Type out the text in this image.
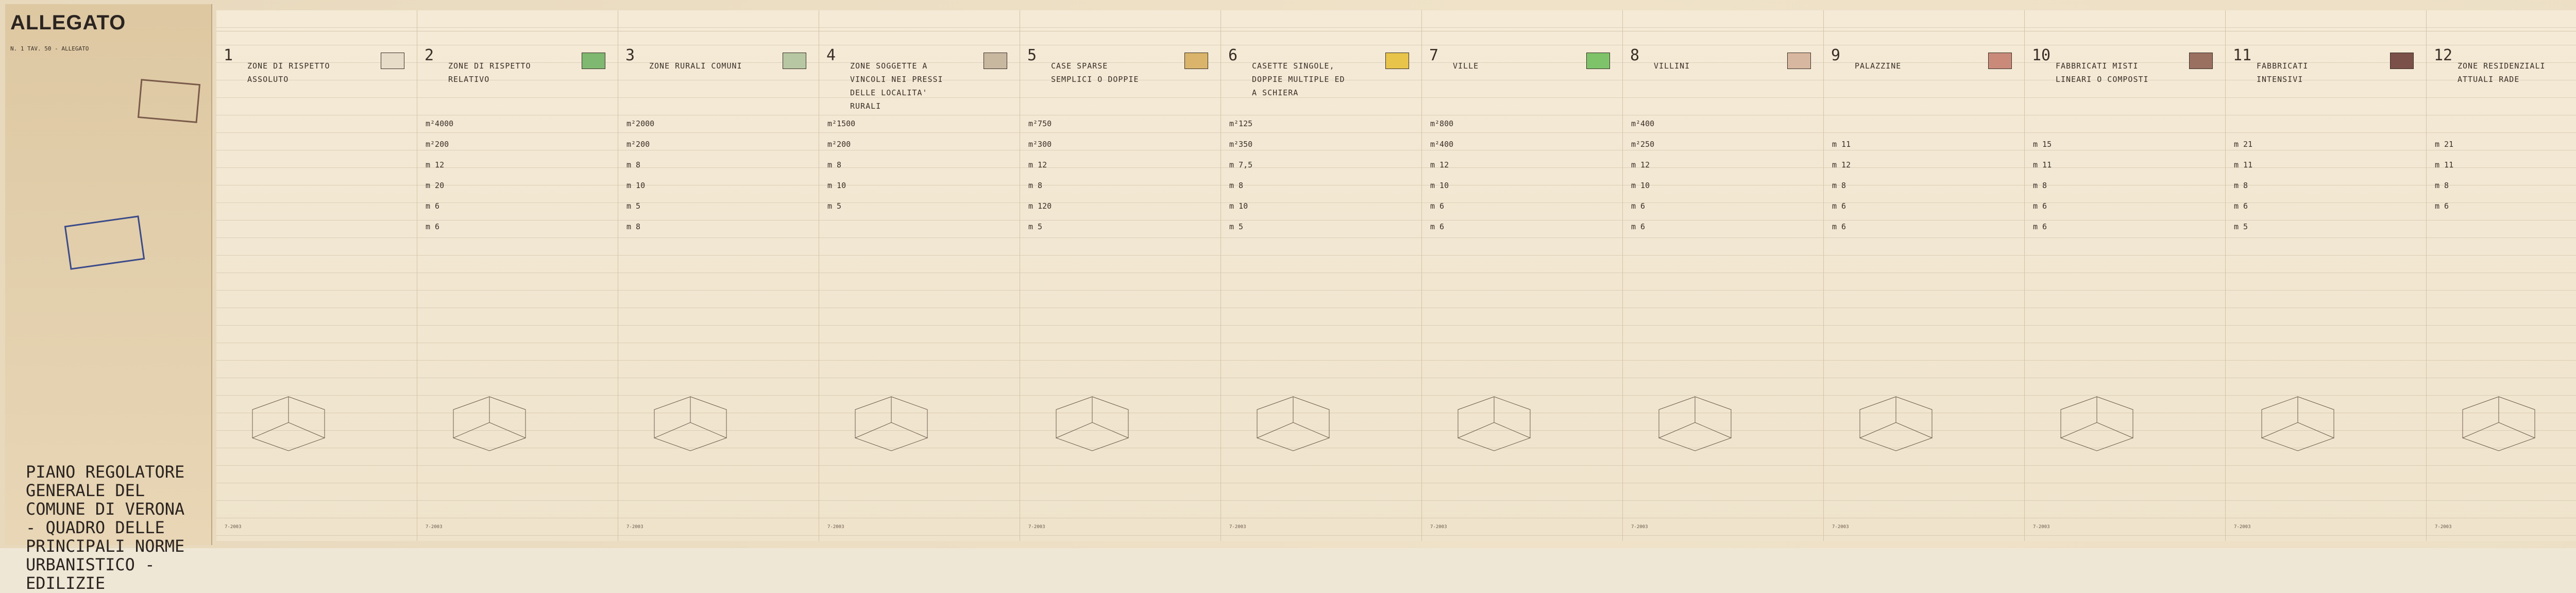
ALLEGATO
N. 1 TAV. 50 - ALLEGATO
PIANO REGOLATORE GENERALE DEL COMUNE DI VERONA - QUADRO DELLE PRINCIPALI NORME URBANISTICO - EDILIZIE
1
ZONE DI RISPETTO ASSOLUTO
7-2003
2
ZONE DI RISPETTO RELATIVO
m²4000
m²200
m 12
m 20
m 6
m 6
7-2003
3
ZONE RURALI COMUNI
m²2000
m²200
m 8
m 10
m 5
m 8
7-2003
4
ZONE SOGGETTE A VINCOLI NEI PRESSI DELLE LOCALITA' RURALI
m²1500
m²200
m 8
m 10
m 5
7-2003
5
CASE SPARSE SEMPLICI O DOPPIE
m²750
m²300
m 12
m 8
m 120
m 5
7-2003
6
CASETTE SINGOLE, DOPPIE MULTIPLE ED A SCHIERA
m²125
m²350
m 7,5
m 8
m 10
m 5
7-2003
7
VILLE
m²800
m²400
m 12
m 10
m 6
m 6
7-2003
8
VILLINI
m²400
m²250
m 12
m 10
m 6
m 6
7-2003
9
PALAZZINE
m 11
m 12
m 8
m 6
m 6
7-2003
10
FABBRICATI MISTI LINEARI O COMPOSTI
m 15
m 11
m 8
m 6
m 6
7-2003
11
FABBRICATI INTENSIVI
m 21
m 11
m 8
m 6
m 5
7-2003
12
ZONE RESIDENZIALI ATTUALI RADE
m 21
m 11
m 8
m 6
7-2003
